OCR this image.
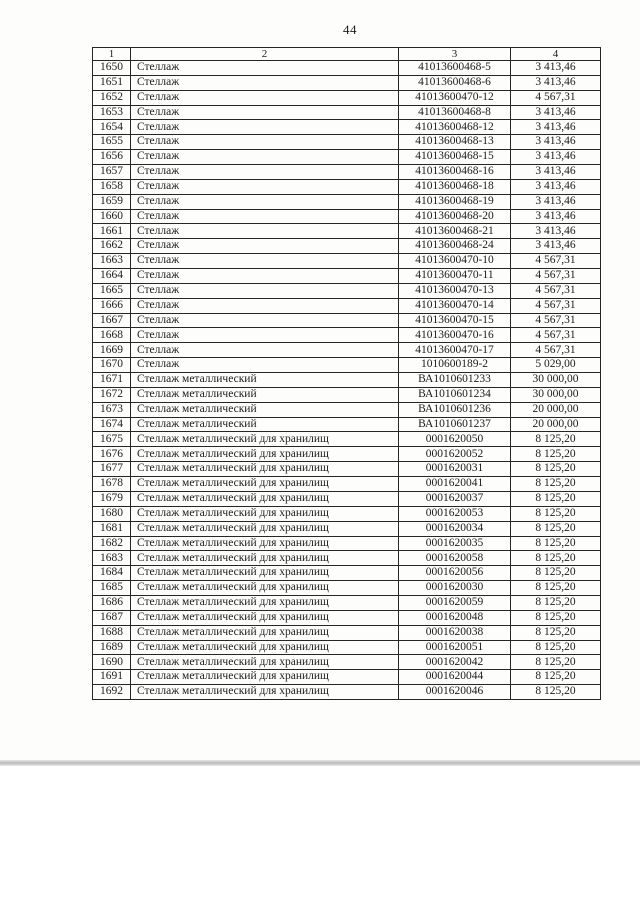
44
1	2	3	4
1650	Стеллаж	41013600468-5	3 413,46
1651	Стеллаж	41013600468-6	3 413,46
1652	Стеллаж	41013600470-12	4 567,31
1653	Стеллаж	41013600468-8	3 413,46
1654	Стеллаж	41013600468-12	3 413,46
1655	Стеллаж	41013600468-13	3 413,46
1656	Стеллаж	41013600468-15	3 413,46
1657	Стеллаж	41013600468-16	3 413,46
1658	Стеллаж	41013600468-18	3 413,46
1659	Стеллаж	41013600468-19	3 413,46
1660	Стеллаж	41013600468-20	3 413,46
1661	Стеллаж	41013600468-21	3 413,46
1662	Стеллаж	41013600468-24	3 413,46
1663	Стеллаж	41013600470-10	4 567,31
1664	Стеллаж	41013600470-11	4 567,31
1665	Стеллаж	41013600470-13	4 567,31
1666	Стеллаж	41013600470-14	4 567,31
1667	Стеллаж	41013600470-15	4 567,31
1668	Стеллаж	41013600470-16	4 567,31
1669	Стеллаж	41013600470-17	4 567,31
1670	Стеллаж	1010600189-2	5 029,00
1671	Стеллаж металлический	ВА1010601233	30 000,00
1672	Стеллаж металлический	ВА1010601234	30 000,00
1673	Стеллаж металлический	ВА1010601236	20 000,00
1674	Стеллаж металлический	ВА1010601237	20 000,00
1675	Стеллаж металлический для хранилищ	0001620050	8 125,20
1676	Стеллаж металлический для хранилищ	0001620052	8 125,20
1677	Стеллаж металлический для хранилищ	0001620031	8 125,20
1678	Стеллаж металлический для хранилищ	0001620041	8 125,20
1679	Стеллаж металлический для хранилищ	0001620037	8 125,20
1680	Стеллаж металлический для хранилищ	0001620053	8 125,20
1681	Стеллаж металлический для хранилищ	0001620034	8 125,20
1682	Стеллаж металлический для хранилищ	0001620035	8 125,20
1683	Стеллаж металлический для хранилищ	0001620058	8 125,20
1684	Стеллаж металлический для хранилищ	0001620056	8 125,20
1685	Стеллаж металлический для хранилищ	0001620030	8 125,20
1686	Стеллаж металлический для хранилищ	0001620059	8 125,20
1687	Стеллаж металлический для хранилищ	0001620048	8 125,20
1688	Стеллаж металлический для хранилищ	0001620038	8 125,20
1689	Стеллаж металлический для хранилищ	0001620051	8 125,20
1690	Стеллаж металлический для хранилищ	0001620042	8 125,20
1691	Стеллаж металлический для хранилищ	0001620044	8 125,20
1692	Стеллаж металлический для хранилищ	0001620046	8 125,20
